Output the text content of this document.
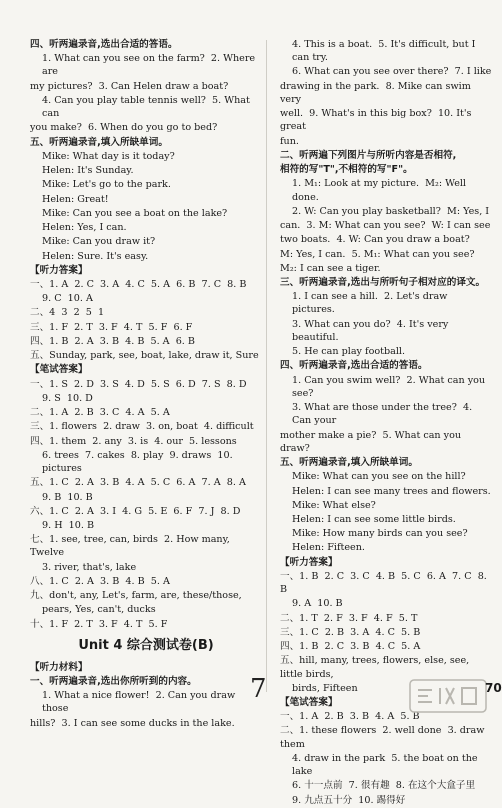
四、听两遍录音,选出合适的答语。
1. What can you see on the farm?  2. Where are
my pictures?  3. Can Helen draw a boat?
4. Can you play table tennis well?  5. What can
you make?  6. When do you go to bed?
五、听两遍录音,填入所缺单词。
Mike: What day is it today?
Helen: It's Sunday.
Mike: Let's go to the park.
Helen: Great!
Mike: Can you see a boat on the lake?
Helen: Yes, I can.
Mike: Can you draw it?
Helen: Sure. It's easy.
【听力答案】
一、1. A  2. C  3. A  4. C  5. A  6. B  7. C  8. B
9. C  10. A
二、4  3  2  5  1
三、1. F  2. T  3. F  4. T  5. F  6. F
四、1. B  2. A  3. B  4. B  5. A  6. B
五、Sunday, park, see, boat, lake, draw it, Sure
【笔试答案】
一、1. S  2. D  3. S  4. D  5. S  6. D  7. S  8. D
9. S  10. D
二、1. A  2. B  3. C  4. A  5. A
三、1. flowers  2. draw  3. on, boat  4. difficult
四、1. them  2. any  3. is  4. our  5. lessons
6. trees  7. cakes  8. play  9. draws  10. pictures
五、1. C  2. A  3. B  4. A  5. C  6. A  7. A  8. A
9. B  10. B
六、1. C  2. A  3. I  4. G  5. E  6. F  7. J  8. D
9. H  10. B
七、1. see, tree, can, birds  2. How many, Twelve
3. river, that's, lake
八、1. C  2. A  3. B  4. B  5. A
九、don't, any, Let's, farm, are, these/those,
pears, Yes, can't, ducks
十、1. F  2. T  3. F  4. T  5. F
Unit 4 综合测试卷(B)
【听力材料】
一、听两遍录音,选出你所听到的内容。
1. What a nice flower!  2. Can you draw those
hills?  3. I can see some ducks in the lake.
4. This is a boat.  5. It's difficult, but I can try.
6. What can you see over there?  7. I like
drawing in the park.  8. Mike can swim very
well.  9. What's in this big box?  10. It's great
fun.
二、听两遍下列图片与所听内容是否相符,
相符的写"T",不相符的写"F"。
1. M₁: Look at my picture.  M₂: Well done.
2. W: Can you play basketball?  M: Yes, I
can.  3. M: What can you see?  W: I can see
two boats.  4. W: Can you draw a boat?
M: Yes, I can.  5. M₁: What can you see?
M₂: I can see a tiger.
三、听两遍录音,选出与所听句子相对应的译文。
1. I can see a hill.  2. Let's draw pictures.
3. What can you do?  4. It's very beautiful.
5. He can play football.
四、听两遍录音,选出合适的答语。
1. Can you swim well?  2. What can you see?
3. What are those under the tree?  4. Can your
mother make a pie?  5. What can you draw?
五、听两遍录音,填入所缺单词。
Mike: What can you see on the hill?
Helen: I can see many trees and flowers.
Mike: What else?
Helen: I can see some little birds.
Mike: How many birds can you see?
Helen: Fifteen.
【听力答案】
一、1. B  2. C  3. C  4. B  5. C  6. A  7. C  8. B
9. A  10. B
二、1. T  2. F  3. F  4. F  5. T
三、1. C  2. B  3. A  4. C  5. B
四、1. B  2. C  3. B  4. C  5. A
五、hill, many, trees, flowers, else, see, little birds,
birds, Fifteen
【笔试答案】
一、1. A  2. B  3. B  4. A  5. B
二、1. these flowers  2. well done  3. draw them
4. draw in the park  5. the boat on the lake
6. 十一点前  7. 很有趣  8. 在这个大盒子里
9. 九点五十分  10. 踢得好
7	70
